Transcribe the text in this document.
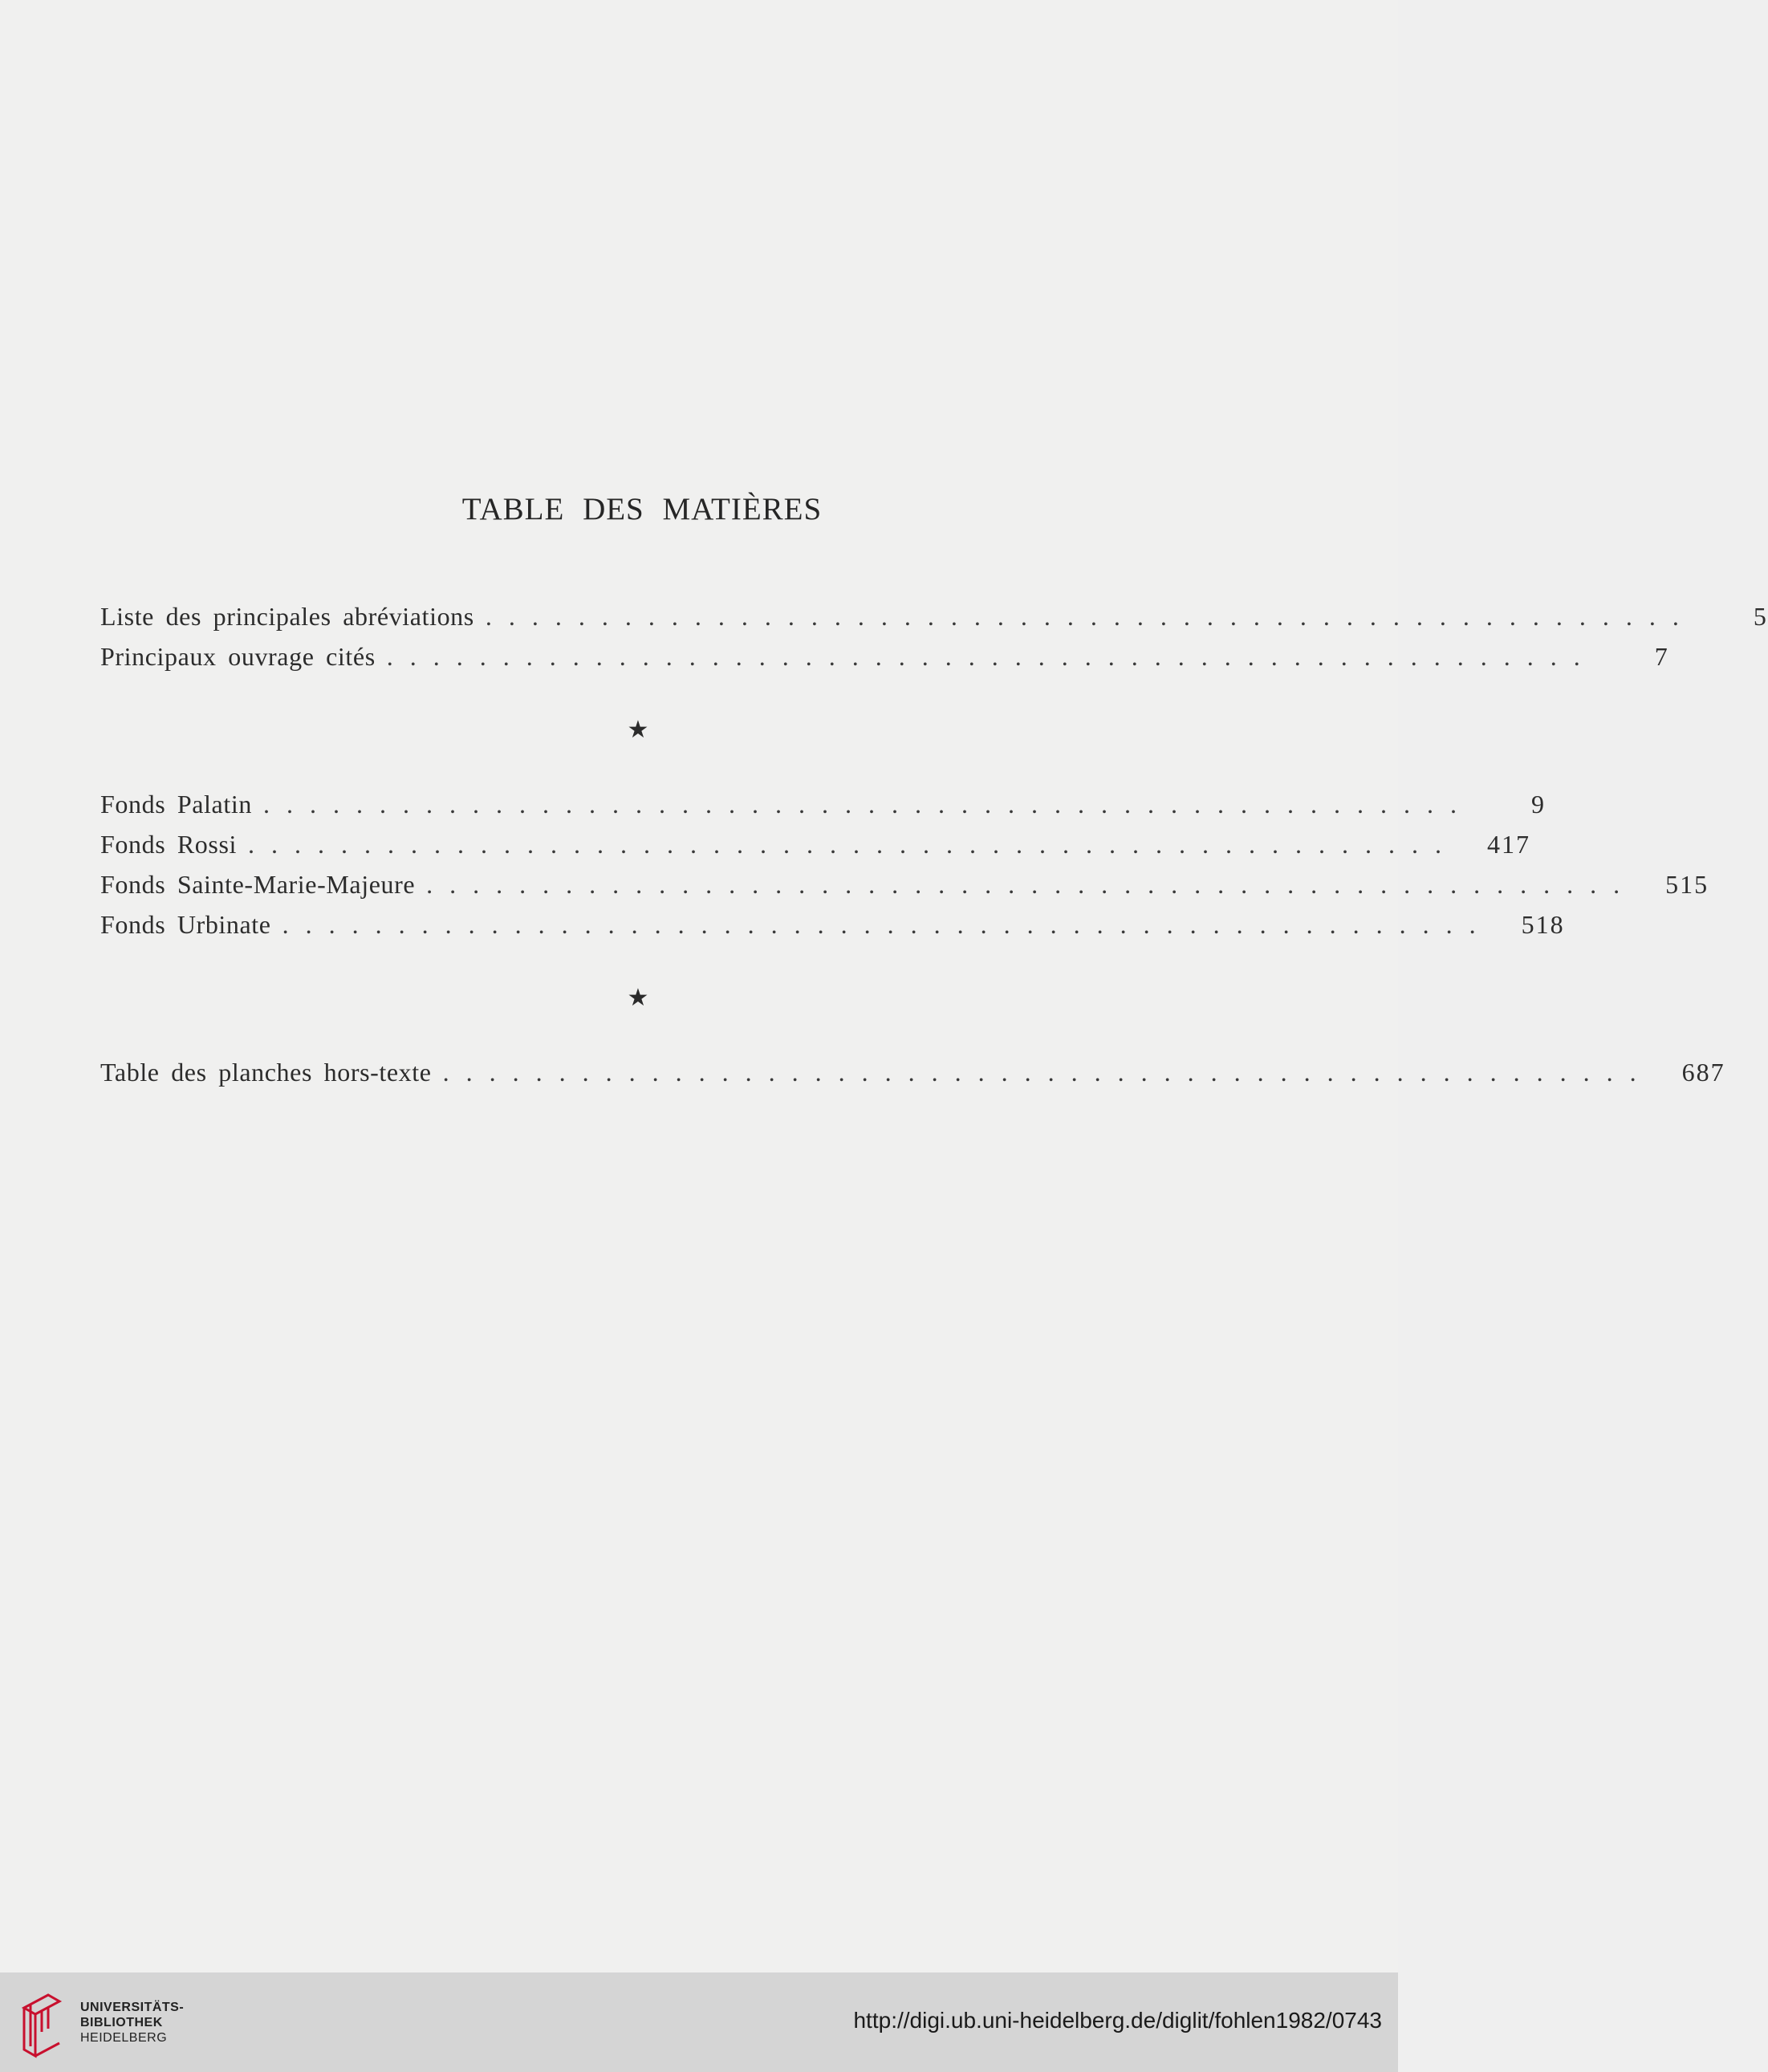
TABLE DES MATIÈRES
Liste des principales abréviations ....................................................	5
Principaux ouvrage cités ....................................................	7
★
Fonds Palatin ....................................................	9
Fonds Rossi ....................................................	417
Fonds Sainte-Marie-Majeure ....................................................	515
Fonds Urbinate ....................................................	518
★
Table des planches hors-texte ....................................................	687
UNIVERSITÄTS-
BIBLIOTHEK
HEIDELBERG
http://digi.ub.uni-heidelberg.de/diglit/fohlen1982/0743
